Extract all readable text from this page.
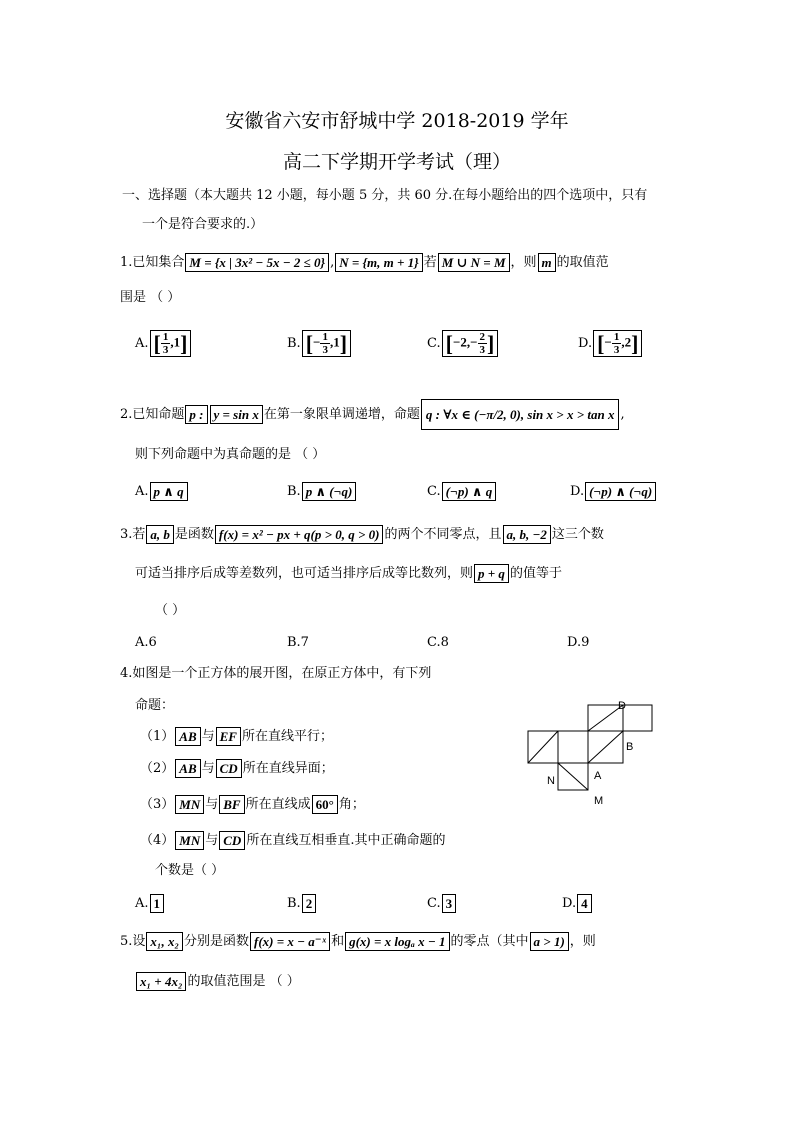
安徽省六安市舒城中学 2018-2019 学年
高二下学期开学考试（理）
一、选择题（本大题共 12 小题，每小题 5 分，共 60 分.在每小题给出的四个选项中，只有
一个是符合要求的.）
1.已知集合 M = {x | 3x² − 5x − 2 ≤ 0} , N = {m, m + 1} 若 M ∪ N = M ，则 m 的取值范
围是 （ ）
A. [ $\frac{1}{3} ,1$]	B. [− $\frac{1}{3} ,1$]	C. [$-2,- \frac{2}{3}$ ]	D. [− $\frac{1}{3} ,2$]
2.已知命题 p : y = sin x 在第一象限单调递增，命题 q : ∀x ∈ (−π/2, 0), sin x > x > tan x ,
则下列命题中为真命题的是 （ ）
A. p ∧ q	B. p ∧ (¬q)	C. (¬p) ∧ q	D. (¬p) ∧ (¬q)
3.若 a, b 是函数 f(x) = x² − px + q(p > 0, q > 0) 的两个不同零点，且 a, b, −2 这三个数
可适当排序后成等差数列，也可适当排序后成等比数列，则 p + q 的值等于
（ ）
A.6	B.7	C.8	D.9
4.如图是一个正方体的展开图，在原正方体中，有下列
命题：
（1） AB 与 EF 所在直线平行；
（2） AB 与 CD 所在直线异面；
（3） MN 与 BF 所在直线成 60° 角；
（4） MN 与 CD 所在直线互相垂直.其中正确命题的
个数是（ ）
A. 1	B. 2	C. 3	D. 4
D
B
N	A
M
5.设 x₁, x₂ 分别是函数 f(x) = x − a⁻ˣ 和 g(x) = x logₐ x − 1 的零点（其中 a > 1) ，则
x₁ + 4x₂ 的取值范围是 （ ）
